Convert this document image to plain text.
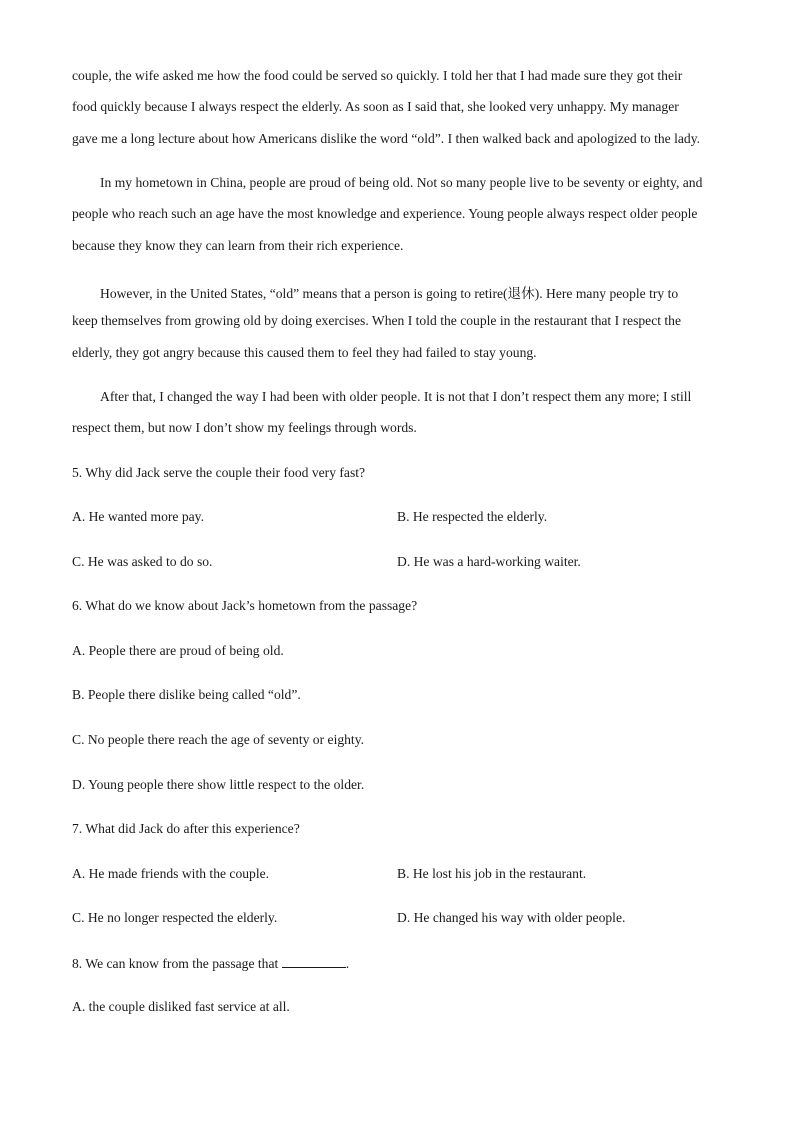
couple, the wife asked me how the food could be served so quickly. I told her that I had made sure they got their
food quickly because I always respect the elderly. As soon as I said that, she looked very unhappy. My manager
gave me a long lecture about how Americans dislike the word “old”. I then walked back and apologized to the lady.
In my hometown in China, people are proud of being old. Not so many people live to be seventy or eighty, and
people who reach such an age have the most knowledge and experience. Young people always respect older people
because they know they can learn from their rich experience.
However, in the United States, “old” means that a person is going to retire(退休). Here many people try to
keep themselves from growing old by doing exercises. When I told the couple in the restaurant that I respect the
elderly, they got angry because this caused them to feel they had failed to stay young.
After that, I changed the way I had been with older people. It is not that I don’t respect them any more; I still
respect them, but now I don’t show my feelings through words.
5. Why did Jack serve the couple their food very fast?
A. He wanted more pay.	B. He respected the elderly.
C. He was asked to do so.	D. He was a hard-working waiter.
6. What do we know about Jack’s hometown from the passage?
A. People there are proud of being old.
B. People there dislike being called “old”.
C. No people there reach the age of seventy or eighty.
D. Young people there show little respect to the older.
7. What did Jack do after this experience?
A. He made friends with the couple.	B. He lost his job in the restaurant.
C. He no longer respected the elderly.	D. He changed his way with older people.
8. We can know from the passage that	.
A. the couple disliked fast service at all.
